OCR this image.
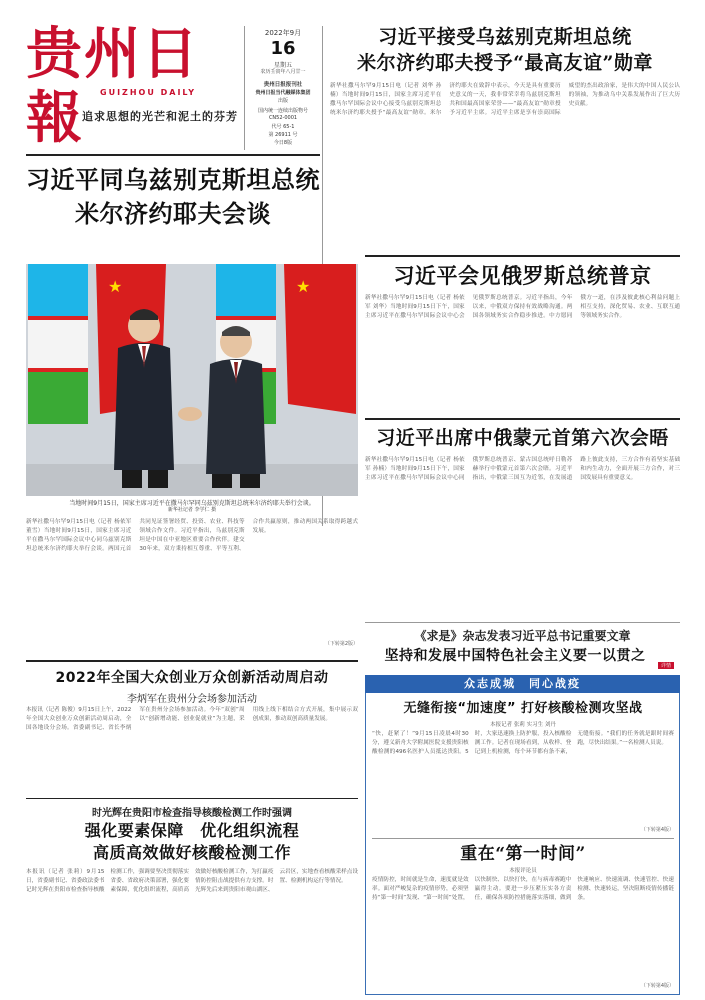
贵州日報	GUIZHOU DAILY
追求思想的光芒和泥土的芬芳
2022年9月
16
星期五
农历壬寅年八月廿一
贵州日报报刊社
贵州日报当代融媒体集团
出版
国内统一连续出版物号
CN52-0001
代号 65-1
第 26911 号
今日8版
习近平接受乌兹别克斯坦总统
米尔济约耶夫授予“最高友谊”勋章
新华社撒马尔罕9月15日电（记者 刘华 孙楠）当地时间9月15日，国家主席习近平在撒马尔罕国际会议中心接受乌兹别克斯坦总统米尔济约耶夫授予“最高友谊”勋章。米尔济约耶夫在致辞中表示，今天是具有重要历史意义的一天，我非常荣幸将乌兹别克斯坦共和国最高国家荣誉——“最高友谊”勋章授予习近平主席。习近平主席是享有崇高国际威望的杰出政治家，是伟大的中国人民公认的领袖，为推动乌中关系发展作出了巨大历史贡献。
习近平同乌兹别克斯坦总统
米尔济约耶夫会谈
★	★
当地时间9月15日，国家主席习近平在撒马尔罕同乌兹别克斯坦总统米尔济约耶夫举行会谈。
新华社记者 李学仁 摄
新华社撒马尔罕9月15日电（记者 杨依军 董雪）当地时间9月15日，国家主席习近平在撒马尔罕国际会议中心同乌兹别克斯坦总统米尔济约耶夫举行会谈。两国元首共同见证签署经贸、投资、农业、科技等领域合作文件。习近平指出，乌兹别克斯坦是中国在中亚地区重要合作伙伴。建交30年来，双方秉持相互尊重、平等互利、合作共赢原则，推动两国关系取得跨越式发展。
（下转第2版）
习近平会见俄罗斯总统普京
新华社撒马尔罕9月15日电（记者 杨依军 刘华）当地时间9月15日下午，国家主席习近平在撒马尔罕国际会议中心会见俄罗斯总统普京。习近平指出，今年以来，中俄双方保持有效战略沟通。两国各领域务实合作稳步推进。中方愿同俄方一道，在涉及彼此核心利益问题上相互支持，深化贸易、农业、互联互通等领域务实合作。
习近平出席中俄蒙元首第六次会晤
新华社撒马尔罕9月15日电（记者 杨依军 孙楠）当地时间9月15日下午，国家主席习近平在撒马尔罕国际会议中心同俄罗斯总统普京、蒙古国总统呼日勒苏赫举行中俄蒙元首第六次会晤。习近平指出，中俄蒙三国互为近邻，在发展道路上彼此支持，三方合作有着坚实基础和内生动力，全面开展三方合作，对三国发展具有重要意义。
《求是》杂志发表习近平总书记重要文章
坚持和发展中国特色社会主义要一以贯之
详情
2022年全国大众创业万众创新活动周启动
李炳军在贵州分会场参加活动
本报讯（记者 陈俊）9月15日上午，2022年全国大众创业万众创新活动周启动，全国各地设分会场。省委副书记、省长李炳军在贵州分会场参加活动。今年“双创”周以“创新增动能、创业促就业”为主题，采用线上线下相结合方式开展，集中展示双创成果，推动双创高质量发展。
时光辉在贵阳市检查指导核酸检测工作时强调
强化要素保障　优化组织流程
高质高效做好核酸检测工作
本报讯（记者 张莉）9月15日，省委副书记、省委政法委书记时光辉在贵阳市检查指导核酸检测工作，强调要坚决贯彻落实省委、省政府决策部署，强化要素保障，优化组织流程，高质高效做好核酸检测工作，为打赢疫情防控阻击战提供有力支撑。时光辉先后来到贵阳市观山湖区、云岩区，实地查看核酸采样点设置、检测机构运行等情况。
众志成城　同心战疫
无缝衔接“加速度” 打好核酸检测攻坚战
本报记者 张莉 实习生 刘丹
“快，赶紧了！”9月15日凌晨4时30分，遵义新舟大学附属医院支援贵阳核酸检测的496名医护人员抵达贵阳。5时，大家迅速换上防护服，投入核酸检测工作。记者在现场看到，从收样、登记到上机检测，每个环节都有条不紊，无缝衔接。“我们的任务就是跟时间赛跑，尽快出结果。”一名检测人员说。
（下转第4版）
重在“第一时间”
本报评论员
疫情防控，时间就是生命，速度就是效率。面对严峻复杂的疫情形势，必须坚持“第一时间”发现、“第一时间”处置，以快制快、以快打快，在与病毒赛跑中赢得主动。要进一步压紧压实各方责任，确保各项防控措施落实落细，做到快速响应、快速流调、快速管控、快速检测、快速转运，坚决阻断疫情传播链条。
（下转第4版）
